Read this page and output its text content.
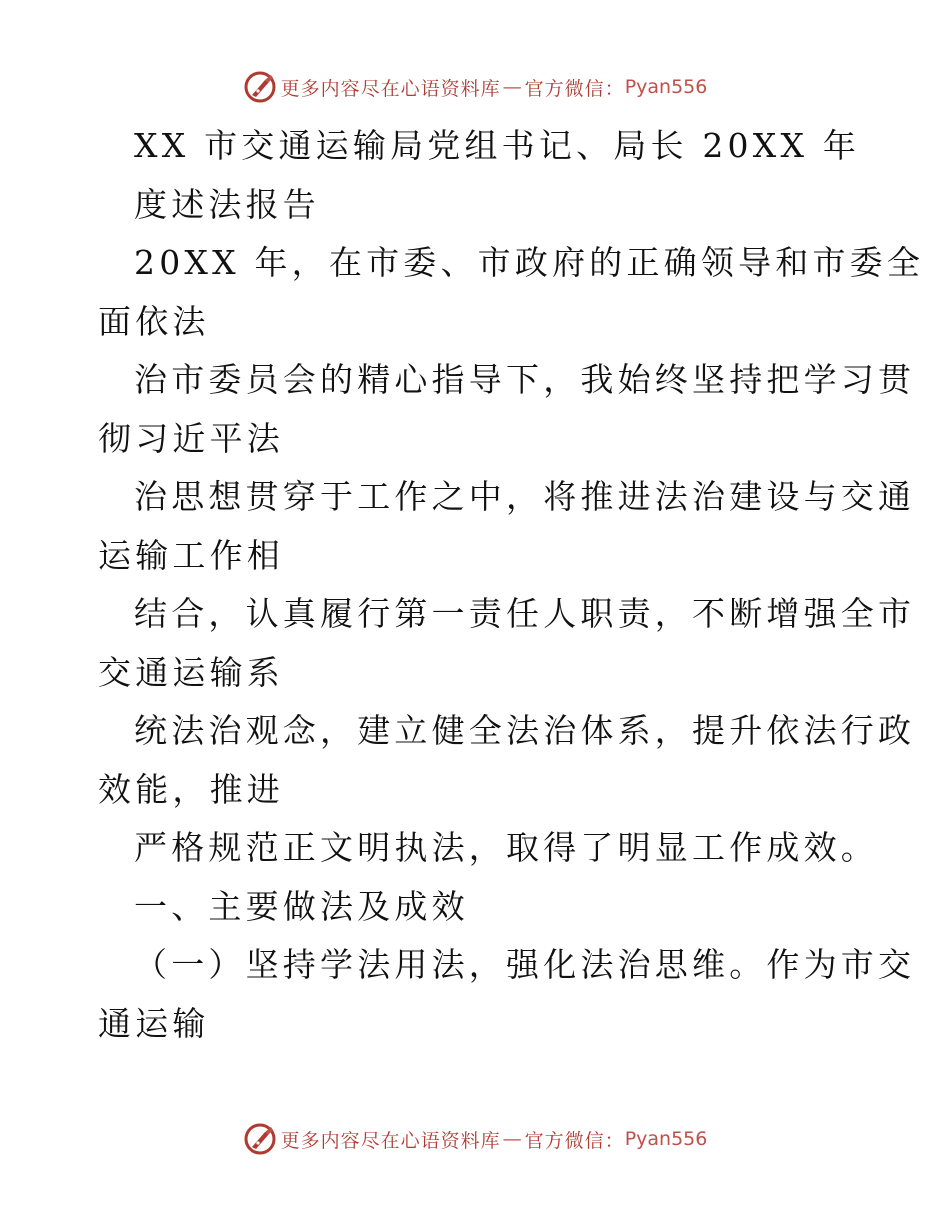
更多内容尽在心语资料库 — 官方微信： Pyan556
XX 市交通运输局党组书记、局长 20XX 年
度述法报告
20XX 年，在市委、市政府的正确领导和市委全
面依法
治市委员会的精心指导下，我始终坚持把学习贯
彻习近平法
治思想贯穿于工作之中，将推进法治建设与交通
运输工作相
结合，认真履行第一责任人职责，不断增强全市
交通运输系
统法治观念，建立健全法治体系，提升依法行政
效能，推进
严格规范正文明执法，取得了明显工作成效。
一、主要做法及成效
（一）坚持学法用法，强化法治思维。作为市交
通运输
更多内容尽在心语资料库 — 官方微信： Pyan556
